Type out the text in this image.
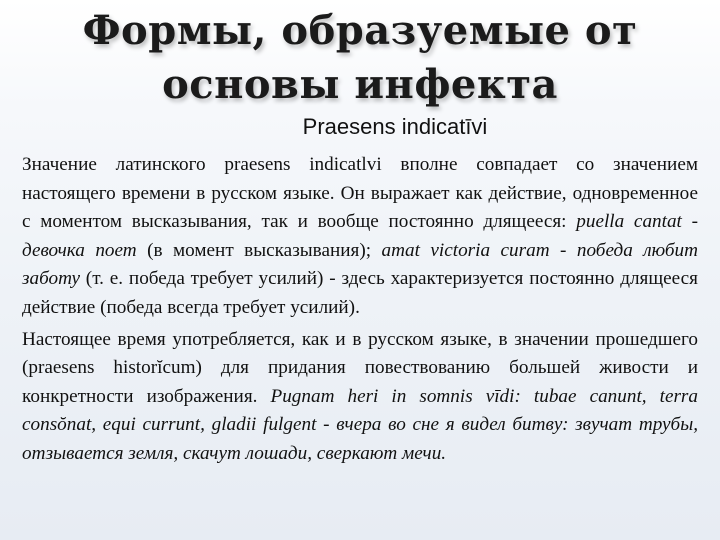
Формы, образуемые от основы инфекта
Praesens indicatīvi

Значение латинского praesens indicatlvi вполне совпадает со значением настоящего времени в русском языке. Он выражает как действие, одновременное с моментом высказывания, так и вообще постоянно длящееся: puella cantat - девочка поет (в момент высказывания); amat victoria curam - победа любит заботу (т. е. победа требует усилий) - здесь характеризуется постоянно длящееся действие (победа всегда требует усилий).

Настоящее время употребляется, как и в русском языке, в значении прошедшего (praesens historĭcum) для придания повествованию большей живости и конкретности изображения. Pugnam heri in somnis vīdi: tubae canunt, terra consŏnat, equi currunt, gladii fulgent - вчера во сне я видел битву: звучат трубы, отзывается земля, скачут лошади, сверкают мечи.
